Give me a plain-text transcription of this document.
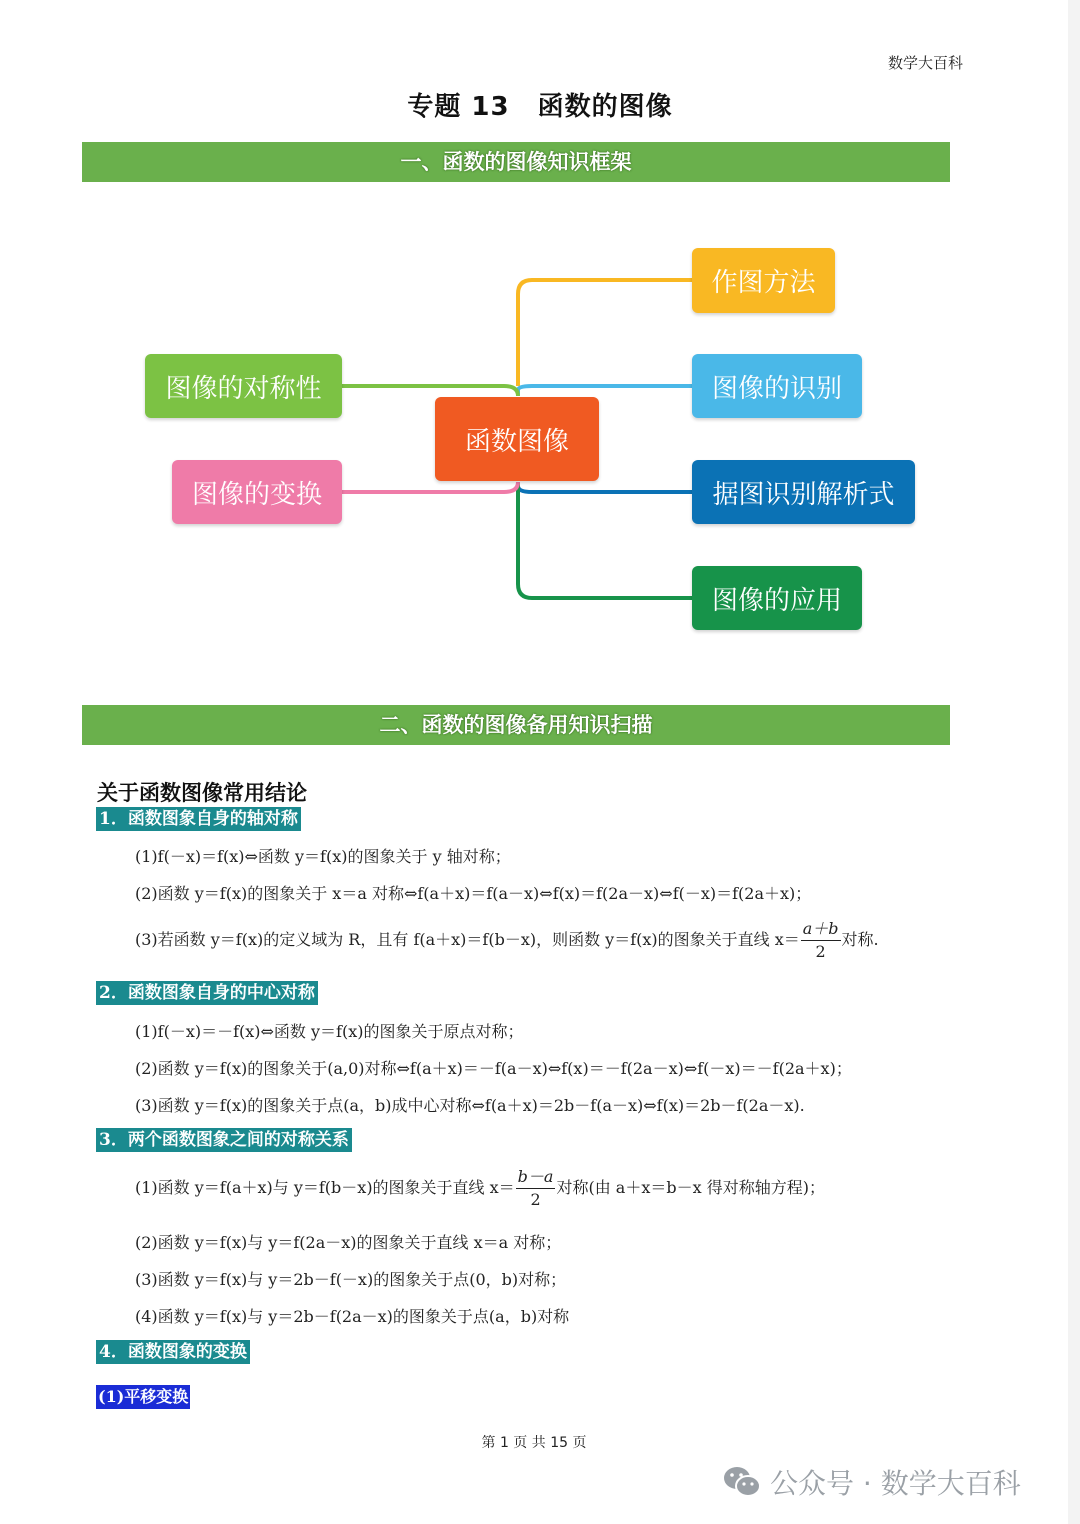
数学大百科
专题 13 函数的图像
一、函数的图像知识框架
函数图像
作图方法
图像的识别
据图识别解析式
图像的应用
图像的对称性
图像的变换
二、函数的图像备用知识扫描
关于函数图像常用结论
1．函数图象自身的轴对称
(1)f(－x)＝f(x)⇔函数 y＝f(x)的图象关于 y 轴对称；
(2)函数 y＝f(x)的图象关于 x＝a 对称⇔f(a＋x)＝f(a－x)⇔f(x)＝f(2a－x)⇔f(－x)＝f(2a＋x)；
(3)若函数 y＝f(x)的定义域为 R，且有 f(a＋x)＝f(b－x)，则函数 y＝f(x)的图象关于直线 $x= \frac{a+b}{2}$ 对称.
2．函数图象自身的中心对称
(1)f(－x)＝－f(x)⇔函数 y＝f(x)的图象关于原点对称；
(2)函数 y＝f(x)的图象关于(a,0)对称⇔f(a＋x)＝－f(a－x)⇔f(x)＝－f(2a－x)⇔f(－x)＝－f(2a＋x)；
(3)函数 y＝f(x)的图象关于点(a，b)成中心对称⇔f(a＋x)＝2b－f(a－x)⇔f(x)＝2b－f(2a－x).
3．两个函数图象之间的对称关系
(1)函数 y＝f(a＋x)与 y＝f(b－x)的图象关于直线 $x= \frac{b-a}{2}$ 对称(由 a＋x＝b－x 得对称轴方程)；
(2)函数 y＝f(x)与 y＝f(2a－x)的图象关于直线 x＝a 对称；
(3)函数 y＝f(x)与 y＝2b－f(－x)的图象关于点(0，b)对称；
(4)函数 y＝f(x)与 y＝2b－f(2a－x)的图象关于点(a，b)对称
4．函数图象的变换
(1)平移变换
第 1 页 共 15 页
公众号 · 数学大百科
